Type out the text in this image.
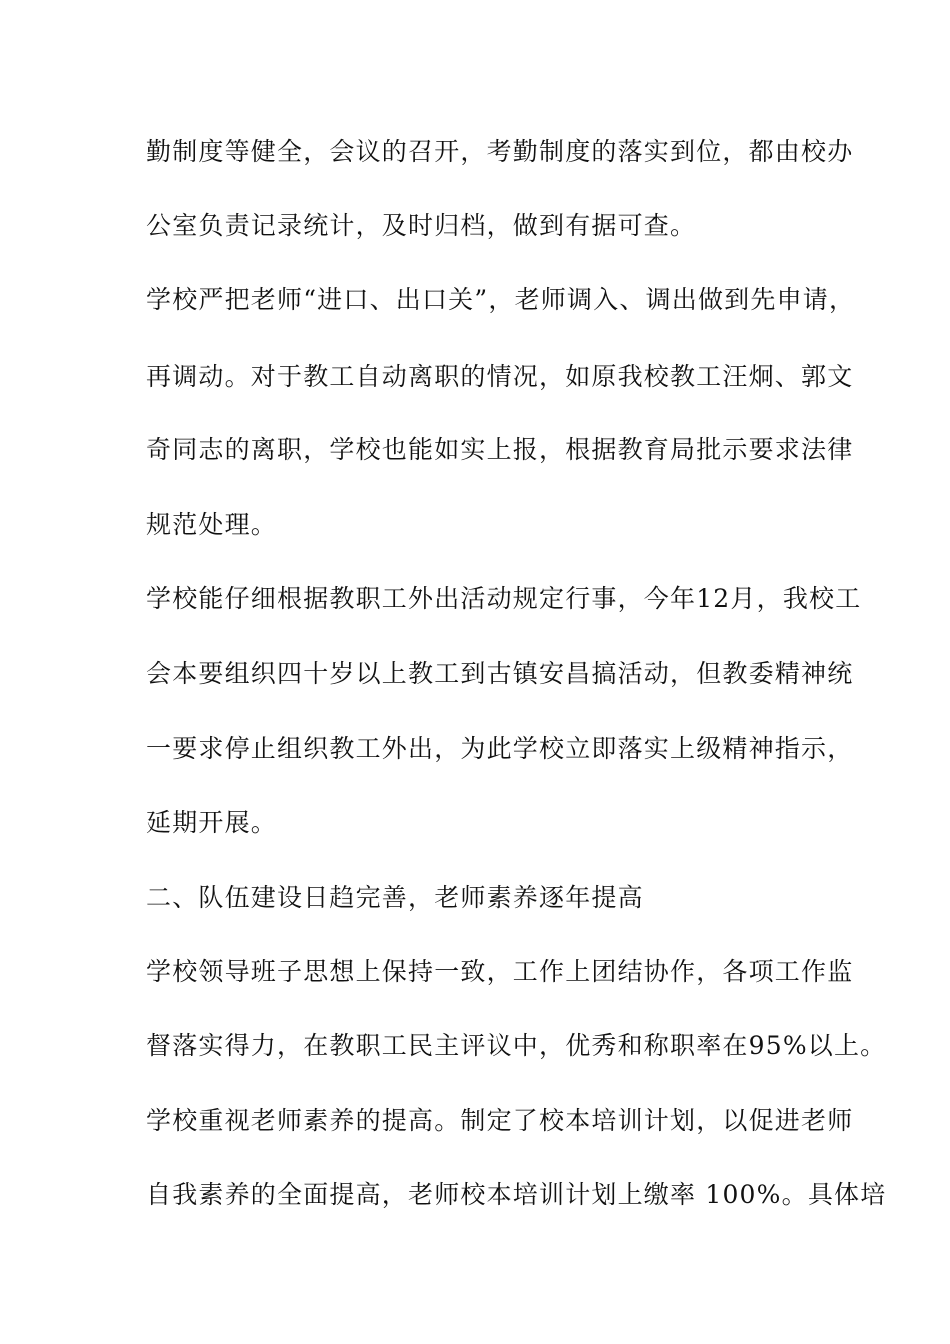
勤制度等健全，会议的召开，考勤制度的落实到位，都由校办
公室负责记录统计，及时归档，做到有据可查。
学校严把老师“进口、出口关”，老师调入、调出做到先申请，
再调动。对于教工自动离职的情况，如原我校教工汪炯、郭文
奇同志的离职，学校也能如实上报，根据教育局批示要求法律
规范处理。
学校能仔细根据教职工外出活动规定行事，今年12月，我校工
会本要组织四十岁以上教工到古镇安昌搞活动，但教委精神统
一要求停止组织教工外出，为此学校立即落实上级精神指示，
延期开展。
二、队伍建设日趋完善，老师素养逐年提高
学校领导班子思想上保持一致，工作上团结协作，各项工作监
督落实得力，在教职工民主评议中，优秀和称职率在95%以上。
学校重视老师素养的提高。制定了校本培训计划，以促进老师
自我素养的全面提高，老师校本培训计划上缴率 100%。具体培
